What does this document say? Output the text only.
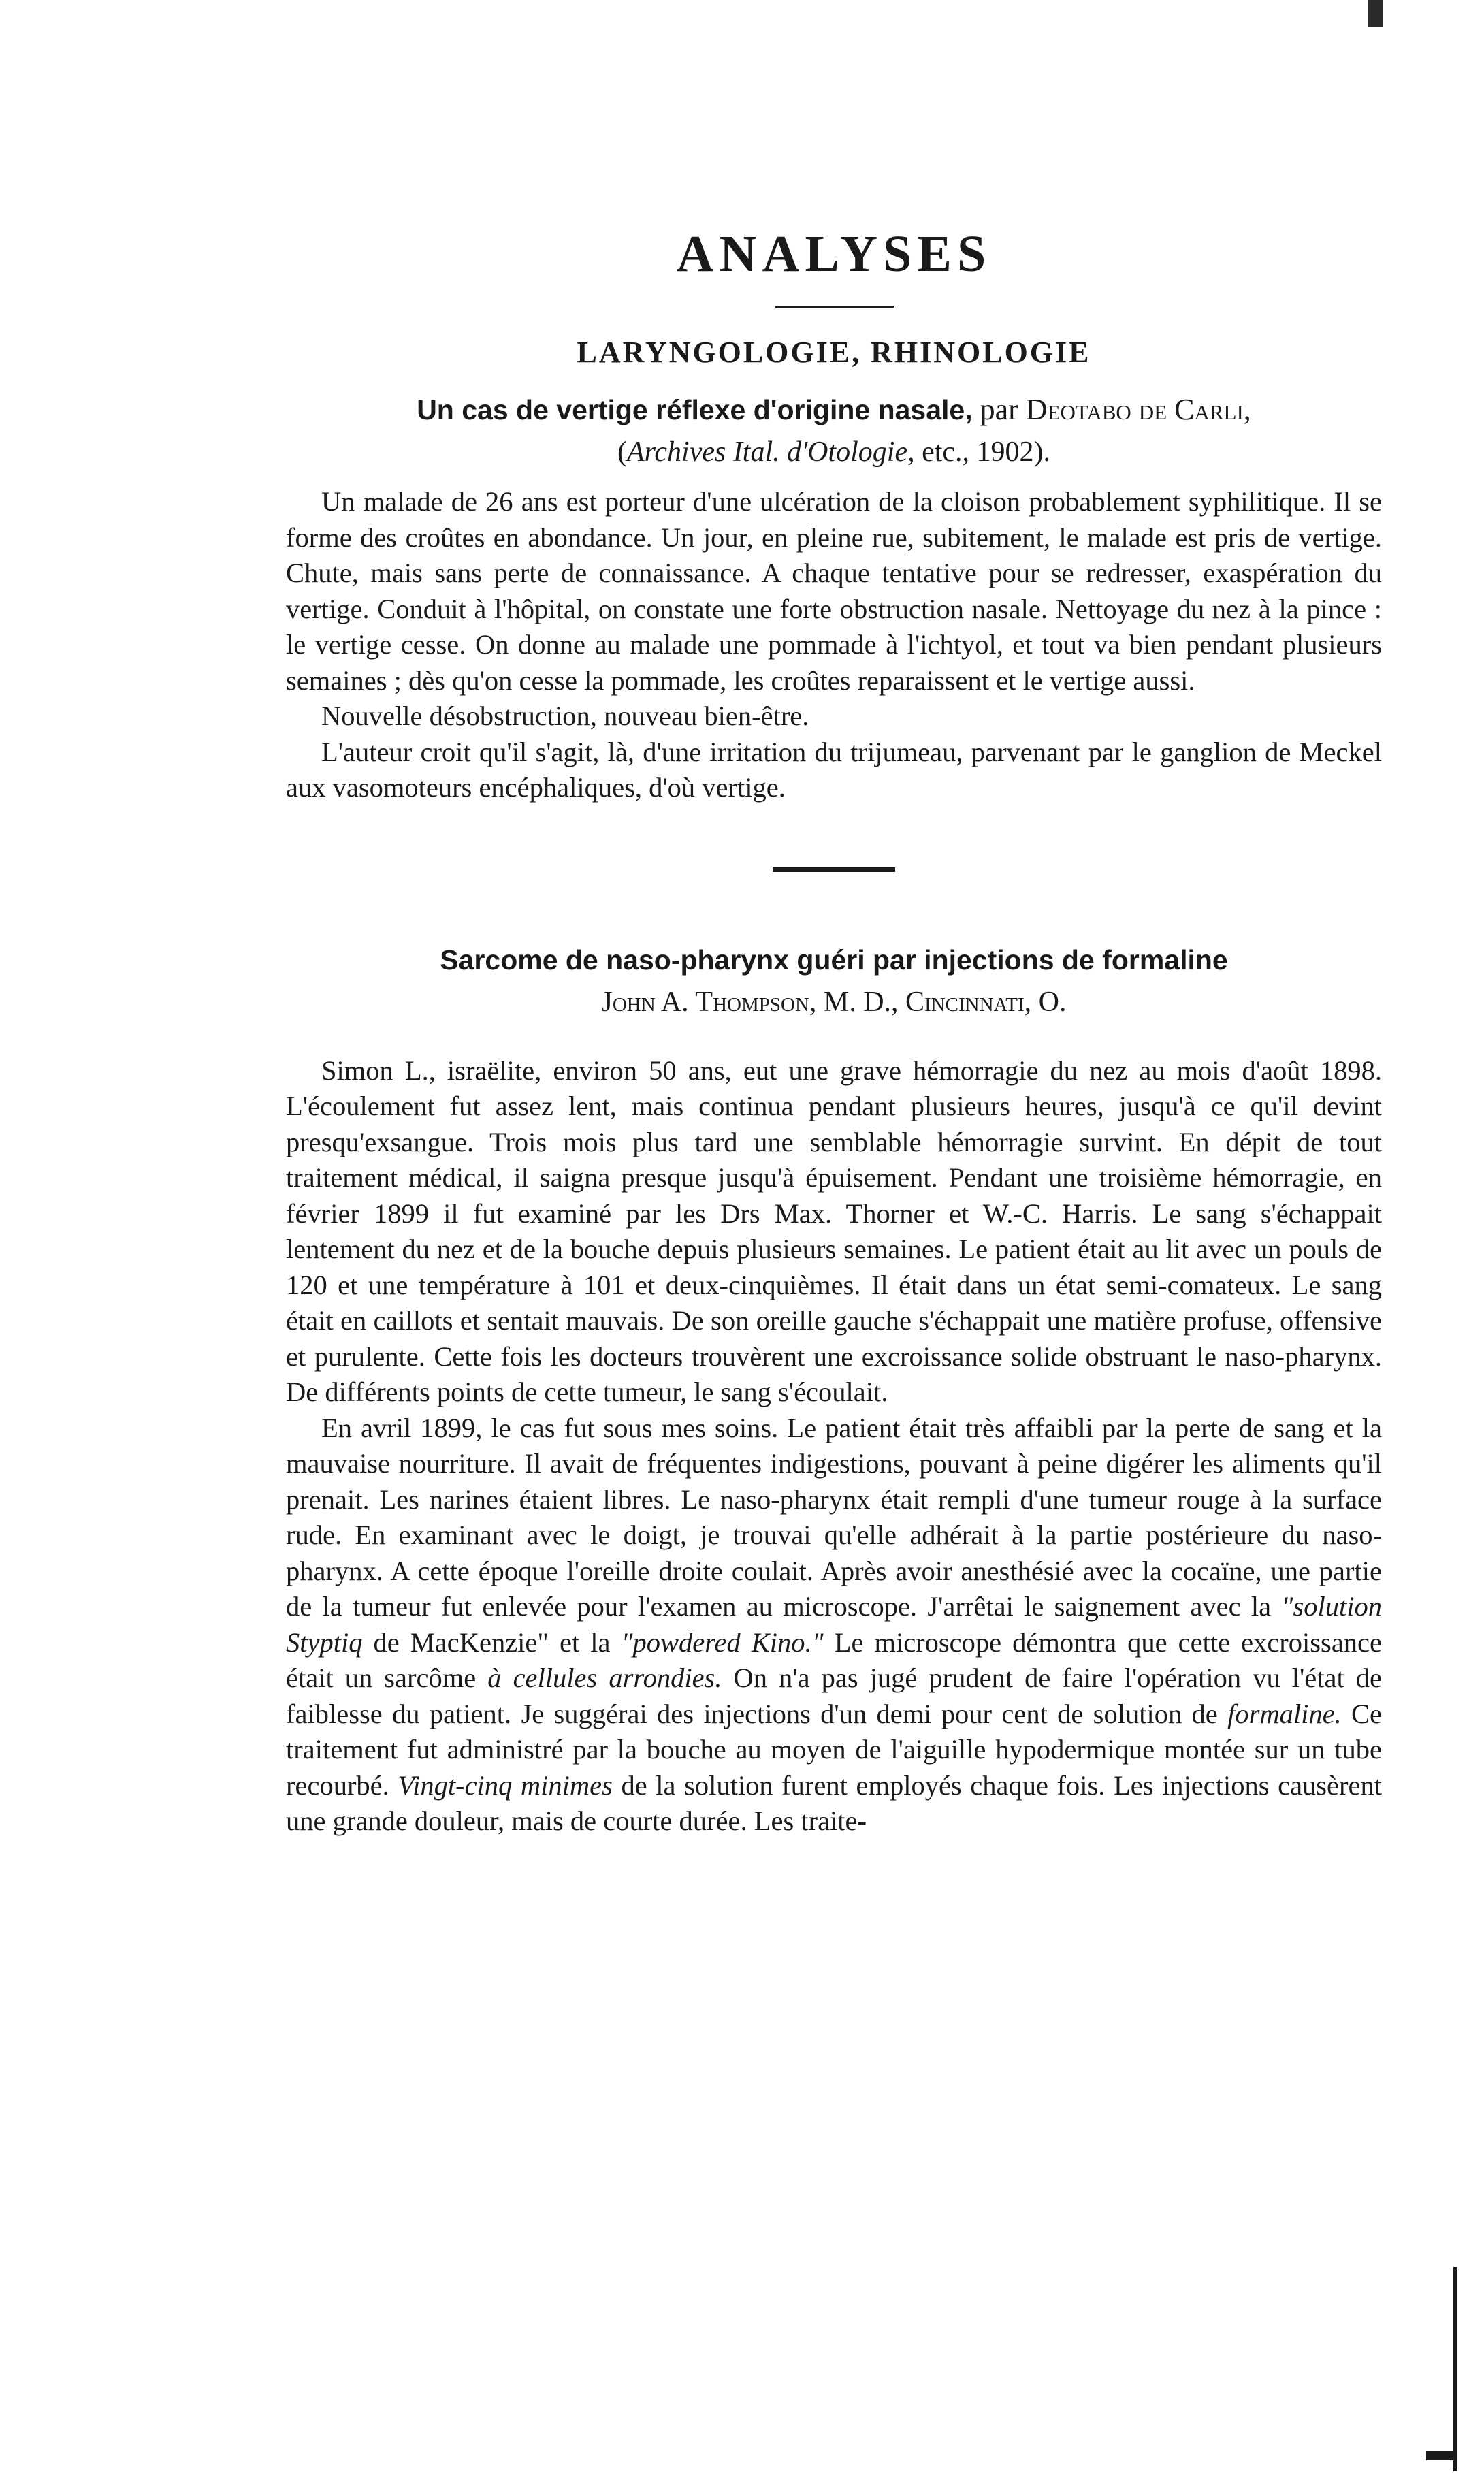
ANALYSES
LARYNGOLOGIE, RHINOLOGIE

Un cas de vertige réflexe d'origine nasale, par Deotabo de Carli,

(Archives Ital. d'Otologie, etc., 1902).

Un malade de 26 ans est porteur d'une ulcération de la cloison probablement syphilitique. Il se forme des croûtes en abondance. Un jour, en pleine rue, subitement, le malade est pris de vertige. Chute, mais sans perte de connaissance. A chaque tentative pour se redresser, exaspération du vertige. Conduit à l'hôpital, on constate une forte obstruction nasale. Nettoyage du nez à la pince : le vertige cesse. On donne au malade une pommade à l'ichtyol, et tout va bien pendant plusieurs semaines ; dès qu'on cesse la pommade, les croûtes reparaissent et le vertige aussi.

Nouvelle désobstruction, nouveau bien-être.

L'auteur croit qu'il s'agit, là, d'une irritation du trijumeau, parvenant par le ganglion de Meckel aux vasomoteurs encéphaliques, d'où vertige.

Sarcome de naso-pharynx guéri par injections de formaline

John A. Thompson, M. D., Cincinnati, O.

Simon L., israëlite, environ 50 ans, eut une grave hémorragie du nez au mois d'août 1898. L'écoulement fut assez lent, mais continua pendant plusieurs heures, jusqu'à ce qu'il devint presqu'exsangue. Trois mois plus tard une semblable hémorragie survint. En dépit de tout traitement médical, il saigna presque jusqu'à épuisement. Pendant une troisième hémorragie, en février 1899 il fut examiné par les Drs Max. Thorner et W.-C. Harris. Le sang s'échappait lentement du nez et de la bouche depuis plusieurs semaines. Le patient était au lit avec un pouls de 120 et une température à 101 et deux-cinquièmes. Il était dans un état semi-comateux. Le sang était en caillots et sentait mauvais. De son oreille gauche s'échappait une matière profuse, offensive et purulente. Cette fois les docteurs trouvèrent une excroissance solide obstruant le naso-pharynx. De différents points de cette tumeur, le sang s'écoulait.

En avril 1899, le cas fut sous mes soins. Le patient était très affaibli par la perte de sang et la mauvaise nourriture. Il avait de fréquentes indigestions, pouvant à peine digérer les aliments qu'il prenait. Les narines étaient libres. Le naso-pharynx était rempli d'une tumeur rouge à la surface rude. En examinant avec le doigt, je trouvai qu'elle adhérait à la partie postérieure du naso-pharynx. A cette époque l'oreille droite coulait. Après avoir anesthésié avec la cocaïne, une partie de la tumeur fut enlevée pour l'examen au microscope. J'arrêtai le saignement avec la "solution Styptiq de MacKenzie" et la "powdered Kino." Le microscope démontra que cette excroissance était un sarcôme à cellules arrondies. On n'a pas jugé prudent de faire l'opération vu l'état de faiblesse du patient. Je suggérai des injections d'un demi pour cent de solution de formaline. Ce traitement fut administré par la bouche au moyen de l'aiguille hypodermique montée sur un tube recourbé. Vingt-cinq minimes de la solution furent employés chaque fois. Les injections causèrent une grande douleur, mais de courte durée. Les traite-
